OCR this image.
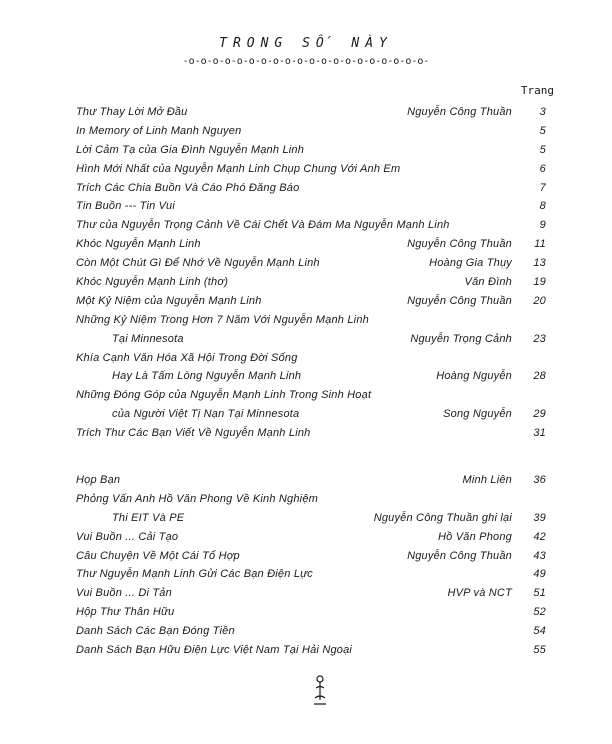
TRONG SỐ NÀY
-o-o-o-o-o-o-o-o-o-o-o-o-o-o-o-o-o-o-o-o-
Trang
Thư Thay Lời Mở Đầu	Nguyễn Công Thuần	3
In Memory of Linh Manh Nguyen	5
Lời Cảm Tạ của Gia Đình Nguyễn Mạnh Linh	5
Hình Mới Nhất của Nguyễn Mạnh Linh Chụp Chung Với Anh Em	6
Trích Các Chia Buồn Và Cáo Phó Đăng Báo	7
Tin Buồn --- Tin Vui	8
Thư của Nguyễn Trọng Cảnh Về Cái Chết Và Đám Ma Nguyễn Mạnh Linh	9
Khóc Nguyễn Mạnh Linh	Nguyễn Công Thuần	11
Còn Một Chút Gì Để Nhớ Về Nguyễn Mạnh Linh	Hoàng Gia Thụy	13
Khóc Nguyễn Mạnh Linh (thơ)	Văn Đình	19
Một Kỷ Niệm của Nguyễn Mạnh Linh	Nguyễn Công Thuần	20
Những Kỷ Niệm Trong Hơn 7 Năm Với Nguyễn Mạnh Linh
Tại Minnesota	Nguyễn Trọng Cảnh	23
Khía Cạnh Văn Hóa Xã Hội Trong Đời Sống
Hay Là Tấm Lòng Nguyễn Mạnh Linh	Hoàng Nguyễn	28
Những Đóng Góp của Nguyễn Mạnh Linh Trong Sinh Hoạt
của Người Việt Tị Nạn Tại Minnesota	Song Nguyễn	29
Trích Thư Các Bạn Viết Về Nguyễn Mạnh Linh	31
Họp Bạn	Minh Liên	36
Phỏng Vấn Anh Hồ Văn Phong Về Kinh Nghiệm
Thi EIT Và PE	Nguyễn Công Thuần ghi lại	39
Vui Buồn ... Cải Tạo	Hồ Văn Phong	42
Câu Chuyện Về Một Cái Tổ Hợp	Nguyễn Công Thuần	43
Thư Nguyễn Mạnh Linh Gửi Các Bạn Điện Lực	49
Vui Buồn ... Di Tản	HVP và NCT	51
Hộp Thư Thân Hữu	52
Danh Sách Các Bạn Đóng Tiền	54
Danh Sách Bạn Hữu Điện Lực Việt Nam Tại Hải Ngoại	55
